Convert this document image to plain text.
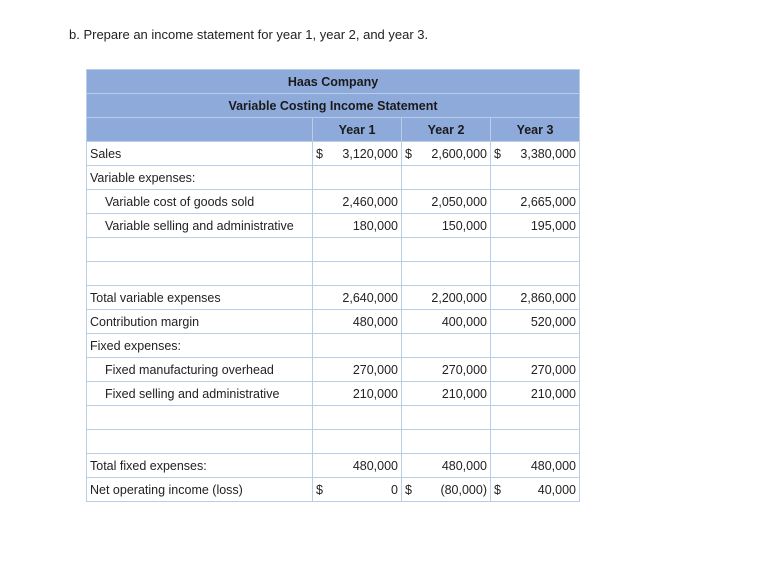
b. Prepare an income statement for year 1, year 2, and year 3.
Haas Company			
Variable Costing Income Statement			
	Year 1	Year 2	Year 3
Sales	$ 3,120,000	$ 2,600,000	$ 3,380,000
Variable expenses:			
Variable cost of goods sold	2,460,000	2,050,000	2,665,000
Variable selling and administrative	180,000	150,000	195,000

Total variable expenses	2,640,000	2,200,000	2,860,000
Contribution margin	480,000	400,000	520,000
Fixed expenses:			
Fixed manufacturing overhead	270,000	270,000	270,000
Fixed selling and administrative	210,000	210,000	210,000

Total fixed expenses:	480,000	480,000	480,000
Net operating income (loss)	$ 0	$ (80,000)	$ 40,000
